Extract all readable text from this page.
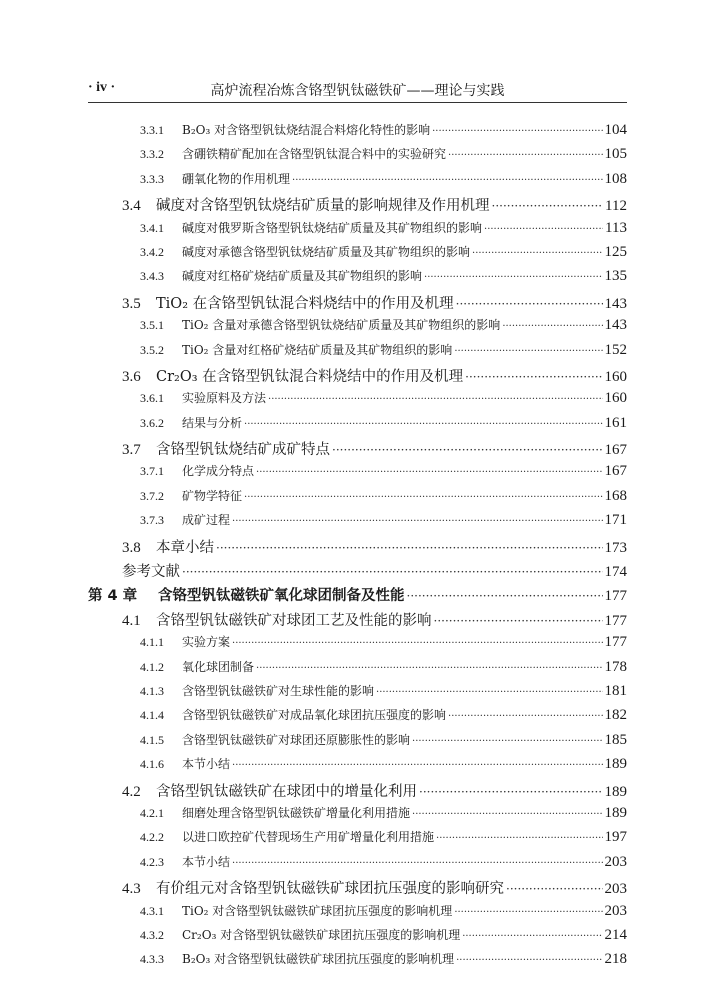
· iv ·	高炉流程冶炼含铬型钒钛磁铁矿——理论与实践
3.3.1	B₂O₃ 对含铬型钒钛烧结混合料熔化特性的影响 ·····	104
3.3.2	含硼铁精矿配加在含铬型钒钛混合料中的实验研究 ·····	105
3.3.3	硼氧化物的作用机理 ·····	108
3.4	碱度对含铬型钒钛烧结矿质量的影响规律及作用机理 ·····	112
3.4.1	碱度对俄罗斯含铬型钒钛烧结矿质量及其矿物组织的影响 ·····	113
3.4.2	碱度对承德含铬型钒钛烧结矿质量及其矿物组织的影响 ·····	125
3.4.3	碱度对红格矿烧结矿质量及其矿物组织的影响 ·····	135
3.5	TiO₂ 在含铬型钒钛混合料烧结中的作用及机理 ·····	143
3.5.1	TiO₂ 含量对承德含铬型钒钛烧结矿质量及其矿物组织的影响 ·····	143
3.5.2	TiO₂ 含量对红格矿烧结矿质量及其矿物组织的影响 ·····	152
3.6	Cr₂O₃ 在含铬型钒钛混合料烧结中的作用及机理 ·····	160
3.6.1	实验原料及方法 ·····	160
3.6.2	结果与分析 ·····	161
3.7	含铬型钒钛烧结矿成矿特点 ·····	167
3.7.1	化学成分特点 ·····	167
3.7.2	矿物学特征 ·····	168
3.7.3	成矿过程 ·····	171
3.8	本章小结 ·····	173
参考文献 ·····	174
第 4 章	含铬型钒钛磁铁矿氧化球团制备及性能 ·····	177
4.1	含铬型钒钛磁铁矿对球团工艺及性能的影响 ·····	177
4.1.1	实验方案 ·····	177
4.1.2	氧化球团制备 ·····	178
4.1.3	含铬型钒钛磁铁矿对生球性能的影响 ·····	181
4.1.4	含铬型钒钛磁铁矿对成品氧化球团抗压强度的影响 ·····	182
4.1.5	含铬型钒钛磁铁矿对球团还原膨胀性的影响 ·····	185
4.1.6	本节小结 ·····	189
4.2	含铬型钒钛磁铁矿在球团中的增量化利用 ·····	189
4.2.1	细磨处理含铬型钒钛磁铁矿增量化利用措施 ·····	189
4.2.2	以进口欧控矿代替现场生产用矿增量化利用措施 ·····	197
4.2.3	本节小结 ·····	203
4.3	有价组元对含铬型钒钛磁铁矿球团抗压强度的影响研究 ·····	203
4.3.1	TiO₂ 对含铬型钒钛磁铁矿球团抗压强度的影响机理 ·····	203
4.3.2	Cr₂O₃ 对含铬型钒钛磁铁矿球团抗压强度的影响机理 ·····	214
4.3.3	B₂O₃ 对含铬型钒钛磁铁矿球团抗压强度的影响机理 ·····	218
